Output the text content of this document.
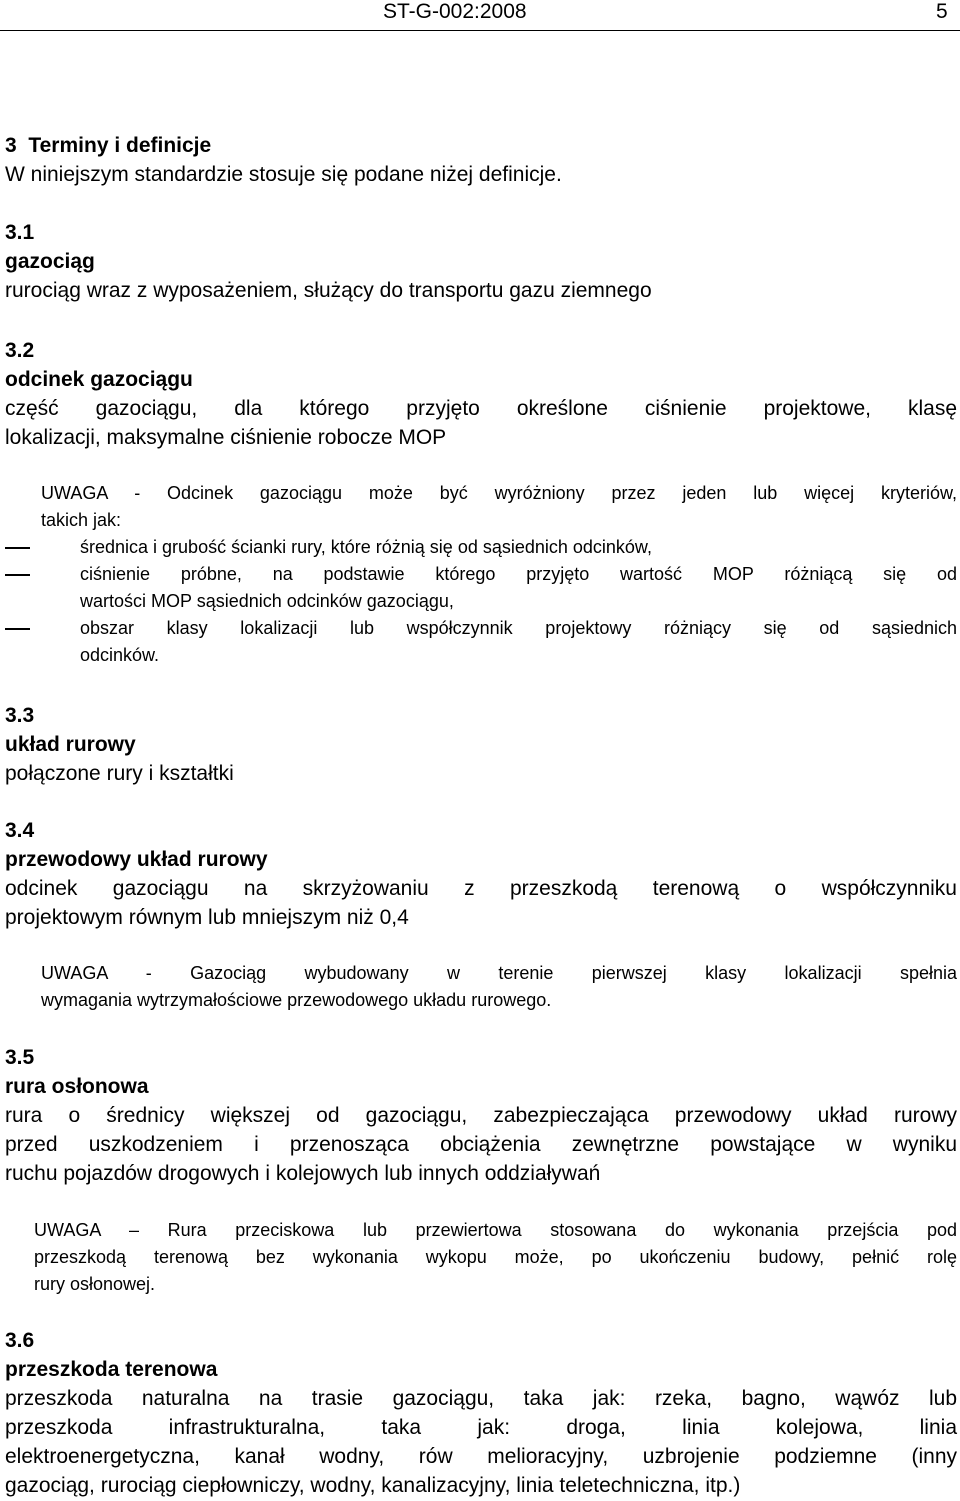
ST-G-002:2008	5
3 Terminy i definicje
W niniejszym standardzie stosuje się podane niżej definicje.
3.1
gazociąg
rurociąg wraz z wyposażeniem, służący do transportu gazu ziemnego
3.2
odcinek gazociągu
część gazociągu, dla którego przyjęto określone ciśnienie projektowe, klasę
lokalizacji, maksymalne ciśnienie robocze MOP
UWAGA - Odcinek gazociągu może być wyróżniony przez jeden lub więcej kryteriów,
takich jak:
średnica i grubość ścianki rury, które różnią się od sąsiednich odcinków,
ciśnienie próbne, na podstawie którego przyjęto wartość MOP różniącą się od
wartości MOP sąsiednich odcinków gazociągu,
obszar klasy lokalizacji lub współczynnik projektowy różniący się od sąsiednich
odcinków.
3.3
układ rurowy
połączone rury i kształtki
3.4
przewodowy układ rurowy
odcinek gazociągu na skrzyżowaniu z przeszkodą terenową o współczynniku
projektowym równym lub mniejszym niż 0,4
UWAGA - Gazociąg wybudowany w terenie pierwszej klasy lokalizacji spełnia
wymagania wytrzymałościowe przewodowego układu rurowego.
3.5
rura osłonowa
rura o średnicy większej od gazociągu, zabezpieczająca przewodowy układ rurowy
przed uszkodzeniem i przenosząca obciążenia zewnętrzne powstające w wyniku
ruchu pojazdów drogowych i kolejowych lub innych oddziaływań
UWAGA – Rura przeciskowa lub przewiertowa stosowana do wykonania przejścia pod
przeszkodą terenową bez wykonania wykopu może, po ukończeniu budowy, pełnić rolę
rury osłonowej.
3.6
przeszkoda terenowa
przeszkoda naturalna na trasie gazociągu, taka jak: rzeka, bagno, wąwóz lub
przeszkoda infrastrukturalna, taka jak: droga, linia kolejowa, linia
elektroenergetyczna, kanał wodny, rów melioracyjny, uzbrojenie podziemne (inny
gazociąg, rurociąg ciepłowniczy, wodny, kanalizacyjny, linia teletechniczna, itp.)
